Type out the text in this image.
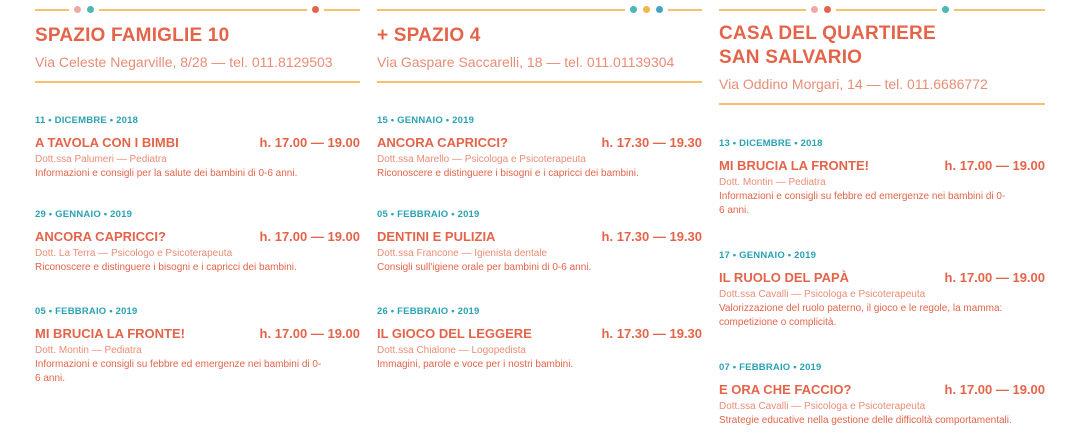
SPAZIO FAMIGLIE 10
Via Celeste Negarville, 8/28 — tel. 011.8129503
11 • DICEMBRE • 2018
A TAVOLA CON I BIMBI	h. 17.00 — 19.00
Dott.ssa Palumeri — Pediatra
Informazioni e consigli per la salute dei bambini di 0-6 anni.
29 • GENNAIO • 2019
ANCORA CAPRICCI?	h. 17.00 — 19.00
Dott. La Terra — Psicologo e Psicoterapeuta
Riconoscere e distinguere i bisogni e i capricci dei bambini.
05 • FEBBRAIO • 2019
MI BRUCIA LA FRONTE!	h. 17.00 — 19.00
Dott. Montin — Pediatra
Informazioni e consigli su febbre ed emergenze nei bambini di 0-6 anni.
+ SPAZIO 4
Via Gaspare Saccarelli, 18 — tel. 011.01139304
15 • GENNAIO • 2019
ANCORA CAPRICCI?	h. 17.30 — 19.30
Dott.ssa Marello — Psicologa e Psicoterapeuta
Riconoscere e distinguere i bisogni e i capricci dei bambini.
05 • FEBBRAIO • 2019
DENTINI E PULIZIA	h. 17.30 — 19.30
Dott.ssa Francone — Igienista dentale
Consigli sull'igiene orale per bambini di 0-6 anni.
26 • FEBBRAIO • 2019
IL GIOCO DEL LEGGERE	h. 17.30 — 19.30
Dott.ssa Chialone — Logopedista
Immagini, parole e voce per i nostri bambini.
CASA DEL QUARTIERE
SAN SALVARIO
Via Oddino Morgari, 14 — tel. 011.6686772
13 • DICEMBRE • 2018
MI BRUCIA LA FRONTE!	h. 17.00 — 19.00
Dott. Montin — Pediatra
Informazioni e consigli su febbre ed emergenze nei bambini di 0-6 anni.
17 • GENNAIO • 2019
IL RUOLO DEL PAPÀ	h. 17.00 — 19.00
Dott.ssa Cavalli — Psicologa e Psicoterapeuta
Valorizzazione del ruolo paterno, il gioco e le regole, la mamma: competizione o complicità.
07 • FEBBRAIO • 2019
E ORA CHE FACCIO?	h. 17.00 — 19.00
Dott.ssa Cavalli — Psicologa e Psicoterapeuta
Strategie educative nella gestione delle difficoltà comportamentali.
